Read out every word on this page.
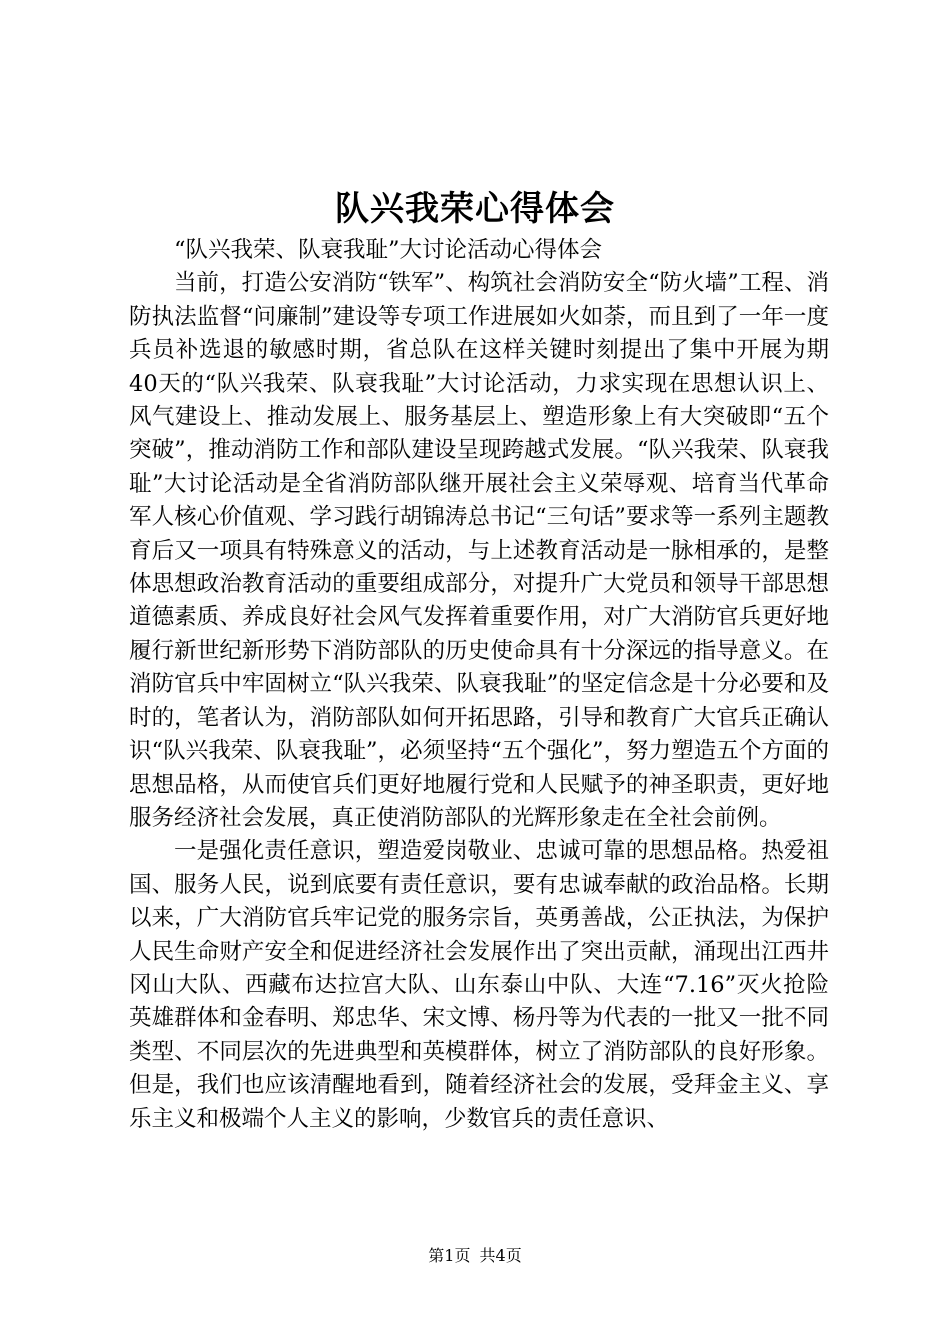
队兴我荣心得体会

“队兴我荣、队衰我耻”大讨论活动心得体会

当前，打造公安消防“铁军”、构筑社会消防安全“防火墙”工程、消防执法监督“问廉制”建设等专项工作进展如火如荼，而且到了一年一度兵员补选退的敏感时期，省总队在这样关键时刻提出了集中开展为期40天的“队兴我荣、队衰我耻”大讨论活动，力求实现在思想认识上、风气建设上、推动发展上、服务基层上、塑造形象上有大突破即“五个突破”，推动消防工作和部队建设呈现跨越式发展。“队兴我荣、队衰我耻”大讨论活动是全省消防部队继开展社会主义荣辱观、培育当代革命军人核心价值观、学习践行胡锦涛总书记“三句话”要求等一系列主题教育后又一项具有特殊意义的活动，与上述教育活动是一脉相承的，是整体思想政治教育活动的重要组成部分，对提升广大党员和领导干部思想道德素质、养成良好社会风气发挥着重要作用，对广大消防官兵更好地履行新世纪新形势下消防部队的历史使命具有十分深远的指导意义。在消防官兵中牢固树立“队兴我荣、队衰我耻”的坚定信念是十分必要和及时的，笔者认为，消防部队如何开拓思路，引导和教育广大官兵正确认识“队兴我荣、队衰我耻”，必须坚持“五个强化”，努力塑造五个方面的思想品格，从而使官兵们更好地履行党和人民赋予的神圣职责，更好地服务经济社会发展，真正使消防部队的光辉形象走在全社会前例。

一是强化责任意识，塑造爱岗敬业、忠诚可靠的思想品格。热爱祖国、服务人民，说到底要有责任意识，要有忠诚奉献的政治品格。长期以来，广大消防官兵牢记党的服务宗旨，英勇善战，公正执法，为保护人民生命财产安全和促进经济社会发展作出了突出贡献，涌现出江西井冈山大队、西藏布达拉宫大队、山东泰山中队、大连“7.16”灭火抢险英雄群体和金春明、郑忠华、宋文博、杨丹等为代表的一批又一批不同类型、不同层次的先进典型和英模群体，树立了消防部队的良好形象。但是，我们也应该清醒地看到，随着经济社会的发展，受拜金主义、享乐主义和极端个人主义的影响，少数官兵的责任意识、

第1页 共4页
